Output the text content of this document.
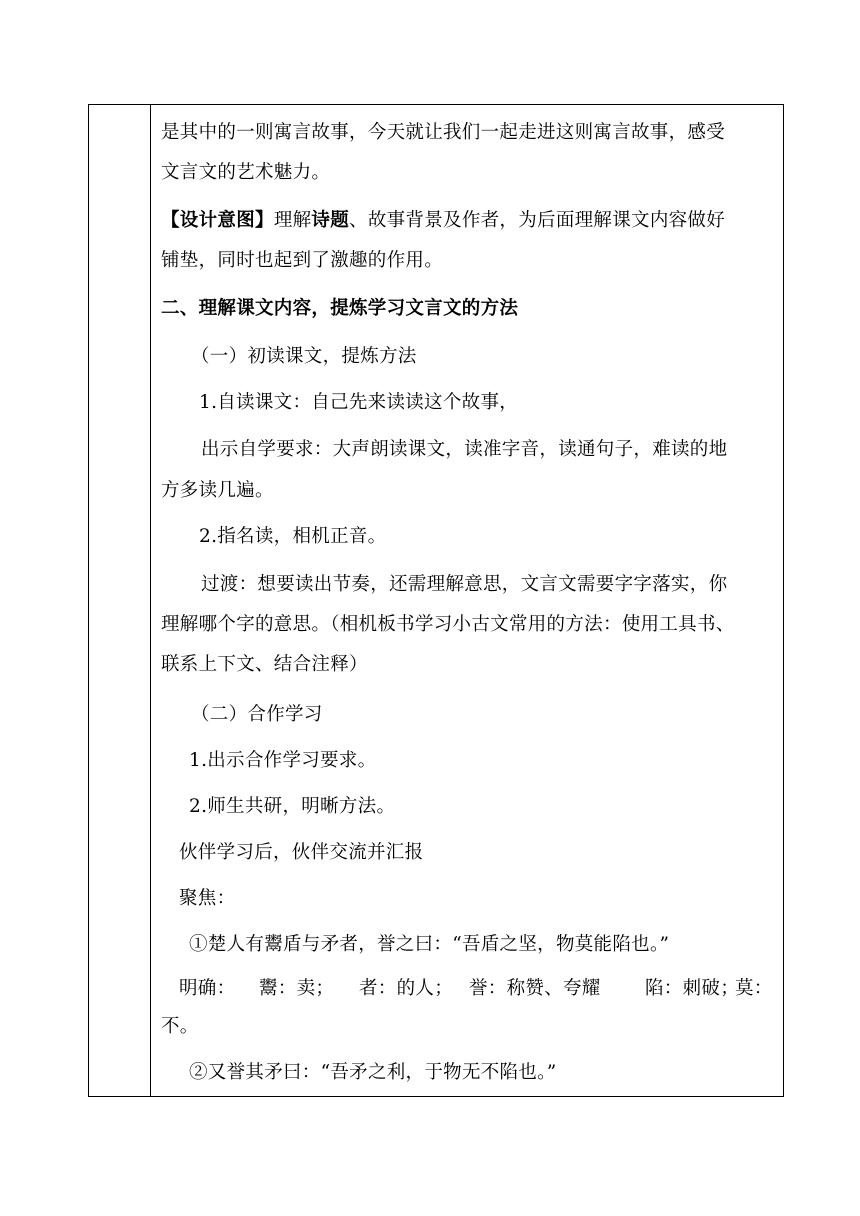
是其中的一则寓言故事，今天就让我们一起走进这则寓言故事，感受
文言文的艺术魅力。
【设计意图】理解诗题、故事背景及作者，为后面理解课文内容做好
铺垫，同时也起到了激趣的作用。
二、理解课文内容，提炼学习文言文的方法
（一）初读课文，提炼方法
1.自读课文：自己先来读读这个故事，
出示自学要求：大声朗读课文，读准字音，读通句子，难读的地
方多读几遍。
2.指名读，相机正音。
过渡：想要读出节奏，还需理解意思，文言文需要字字落实，你
理解哪个字的意思。（相机板书学习小古文常用的方法：使用工具书、
联系上下文、结合注释）
（二）合作学习
1.出示合作学习要求。
2.师生共研，明晰方法。
伙伴学习后，伙伴交流并汇报
聚焦：
①楚人有鬻盾与矛者，誉之曰：“吾盾之坚，物莫能陷也。”
明确： 鬻：卖； 者：的人； 誉：称赞、夸耀 陷：刺破；
莫：
不。
②又誉其矛曰：“吾矛之利，于物无不陷也。”
